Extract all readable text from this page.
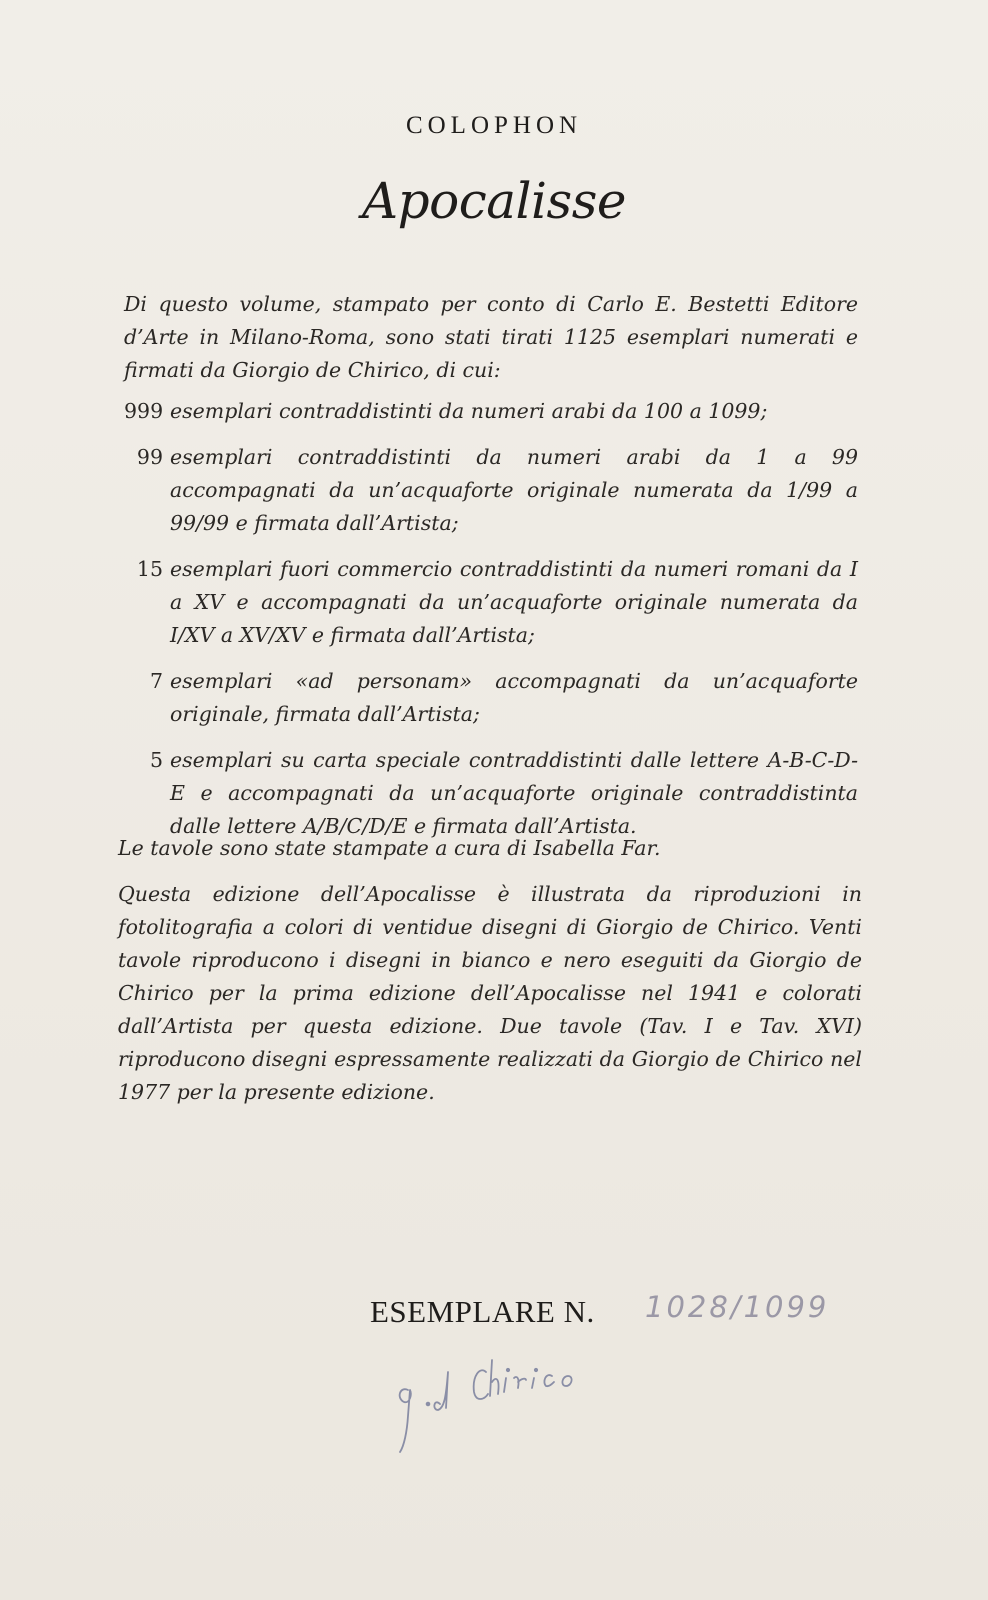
COLOPHON
Apocalisse
Di questo volume, stampato per conto di Carlo E. Bestetti Editore d’Arte in Milano-Roma, sono stati tirati 1125 esemplari numerati e firmati da Giorgio de Chirico, di cui:
999 esemplari contraddistinti da numeri arabi da 100 a 1099;
99 esemplari contraddistinti da numeri arabi da 1 a 99 accompagnati da un’acquaforte originale numerata da 1/99 a 99/99 e firmata dall’Artista;
15 esemplari fuori commercio contraddistinti da numeri romani da I a XV e accompagnati da un’acquaforte originale numerata da I/XV a XV/XV e firmata dall’Artista;
7 esemplari «ad personam» accompagnati da un’acquaforte originale, firmata dall’Artista;
5 esemplari su carta speciale contraddistinti dalle lettere A-B-C-D-E e accompagnati da un’acquaforte originale contraddistinta dalle lettere A/B/C/D/E e firmata dall’Artista.
Le tavole sono state stampate a cura di Isabella Far.
Questa edizione dell’Apocalisse è illustrata da riproduzioni in fotolitografia a colori di ventidue disegni di Giorgio de Chirico. Venti tavole riproducono i disegni in bianco e nero eseguiti da Giorgio de Chirico per la prima edizione dell’Apocalisse nel 1941 e colorati dall’Artista per questa edizione. Due tavole (Tav. I e Tav. XVI) riproducono disegni espressamente realizzati da Giorgio de Chirico nel 1977 per la presente edizione.
ESEMPLARE N. 1028/1099
